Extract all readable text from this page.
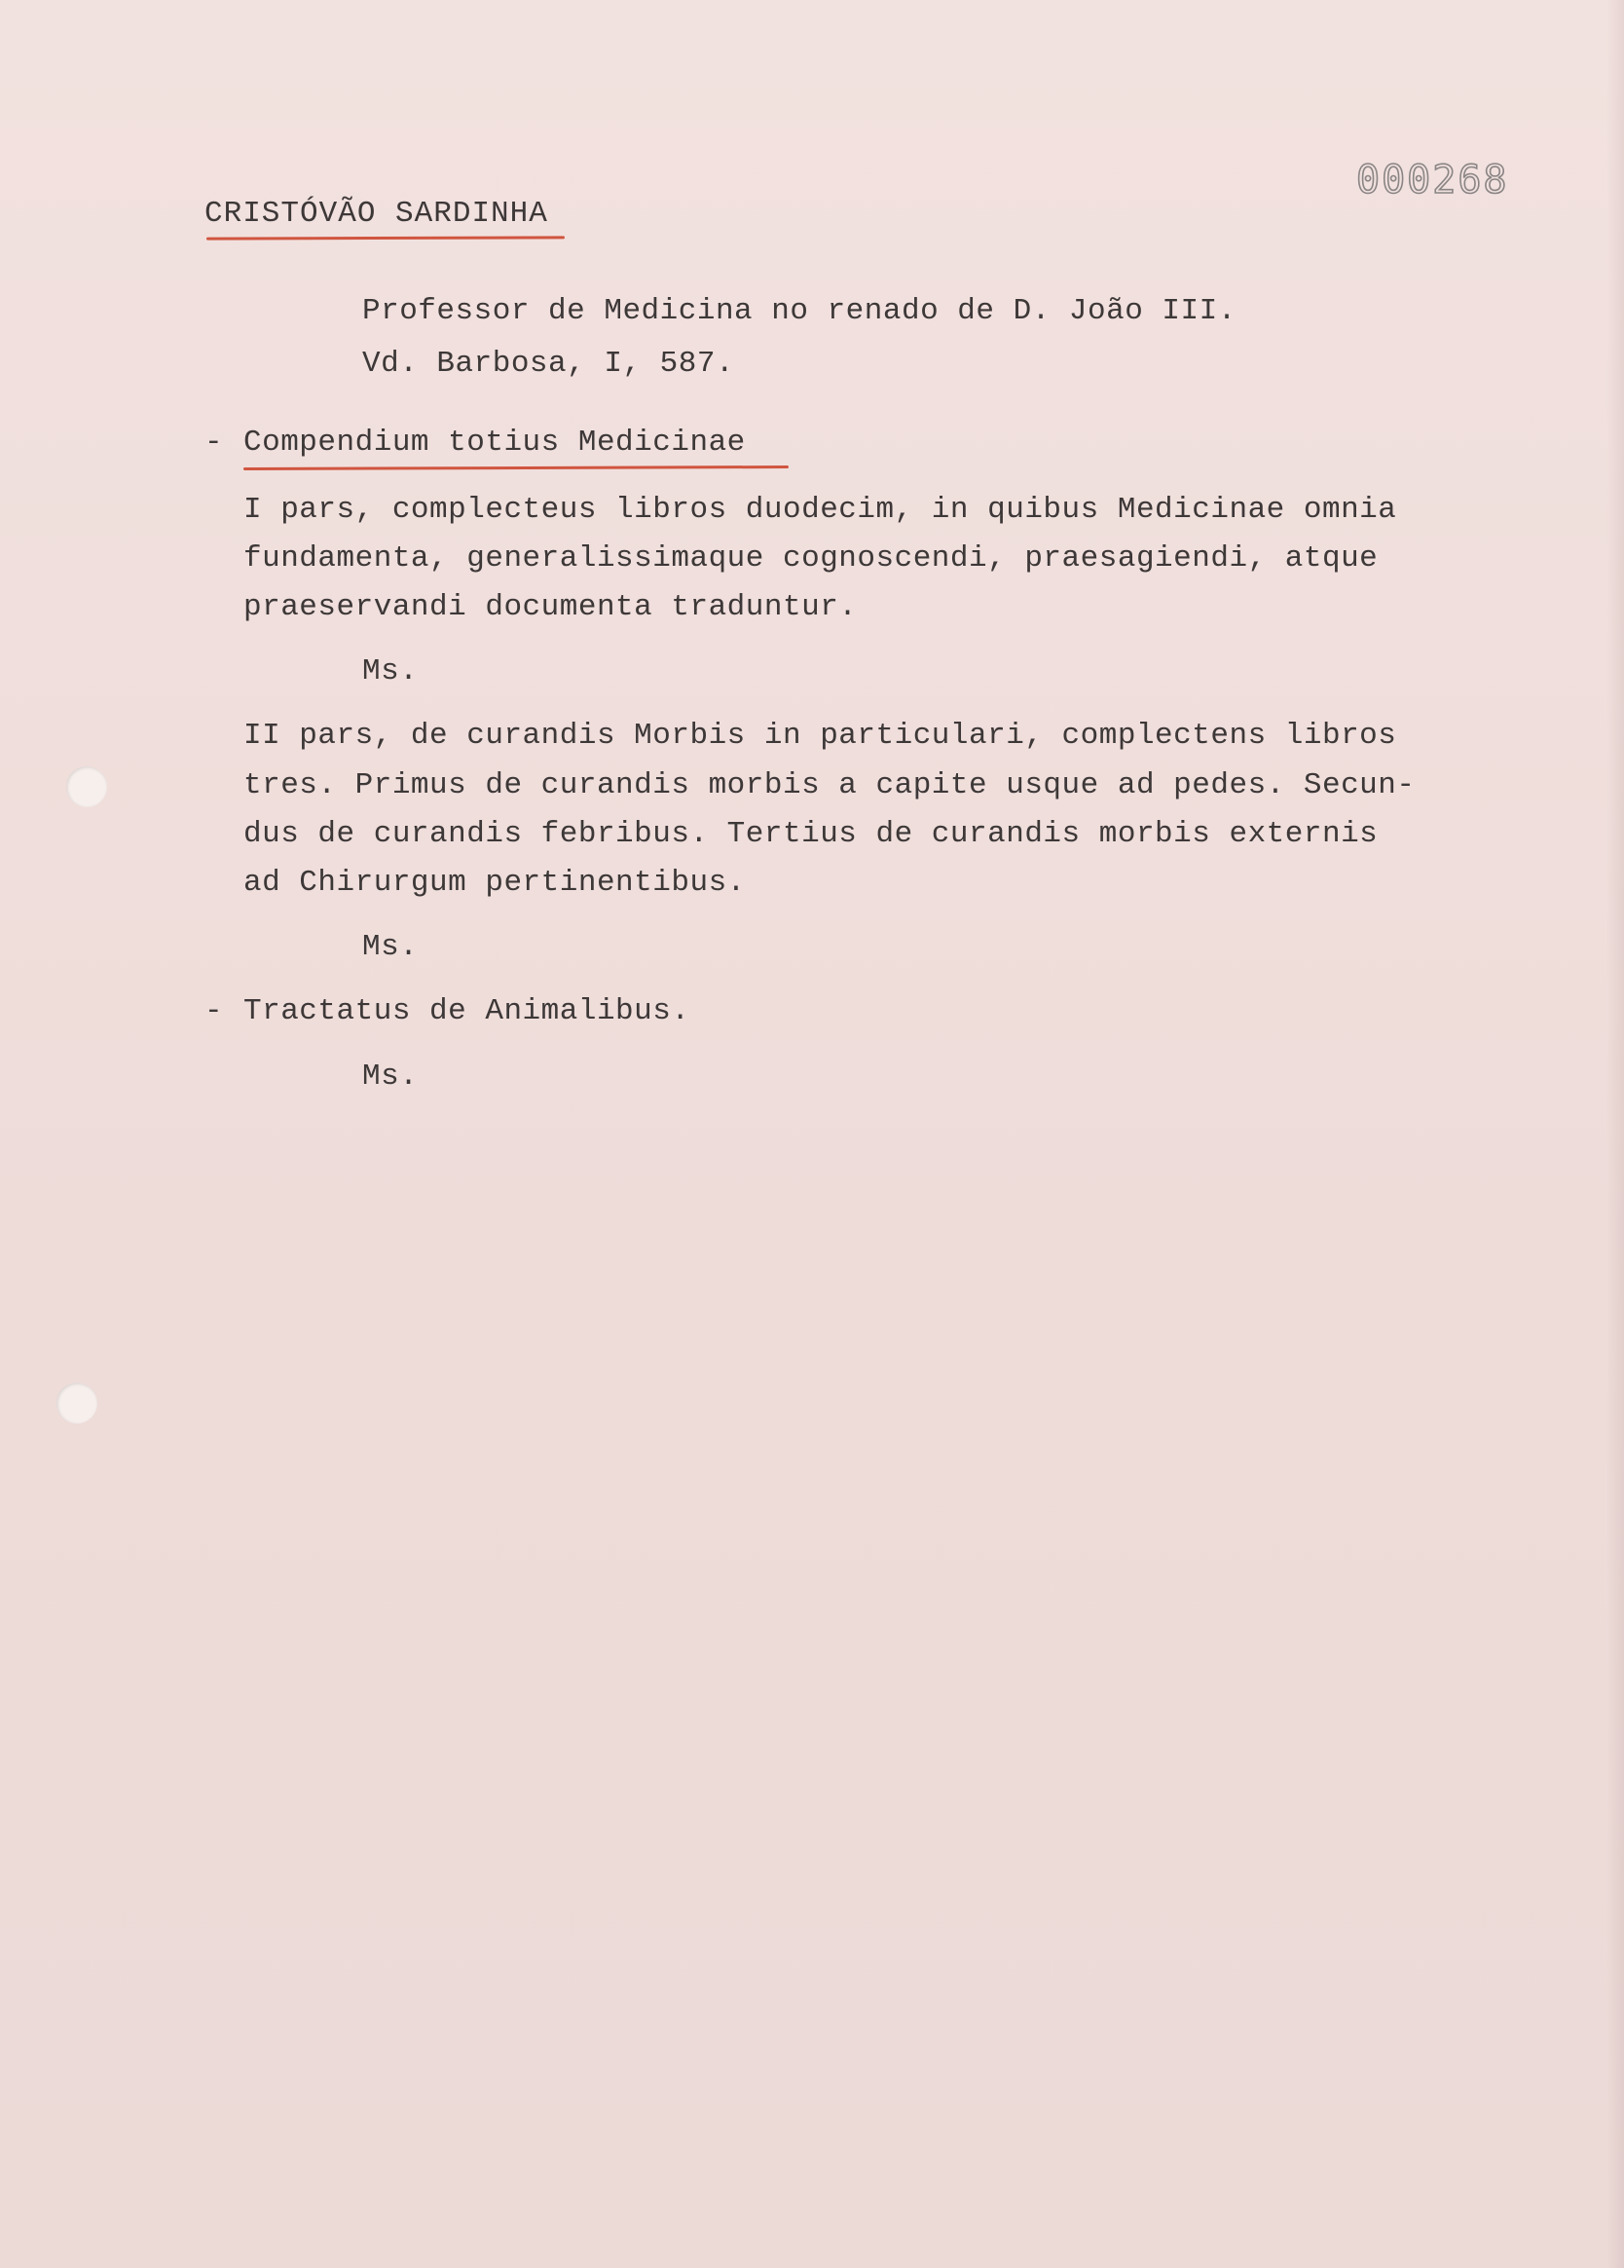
000268
CRISTÓVÃO SARDINHA
Professor de Medicina no renado de D. João III.
Vd. Barbosa, I, 587.
- Compendium totius Medicinae
I pars, complecteus libros duodecim, in quibus Medicinae omnia
fundamenta, generalissimaque cognoscendi, praesagiendi, atque
praeservandi documenta traduntur.
Ms.
II pars, de curandis Morbis in particulari, complectens libros
tres. Primus de curandis morbis a capite usque ad pedes. Secun-
dus de curandis febribus. Tertius de curandis morbis externis
ad Chirurgum pertinentibus.
Ms.
- Tractatus de Animalibus.
Ms.
